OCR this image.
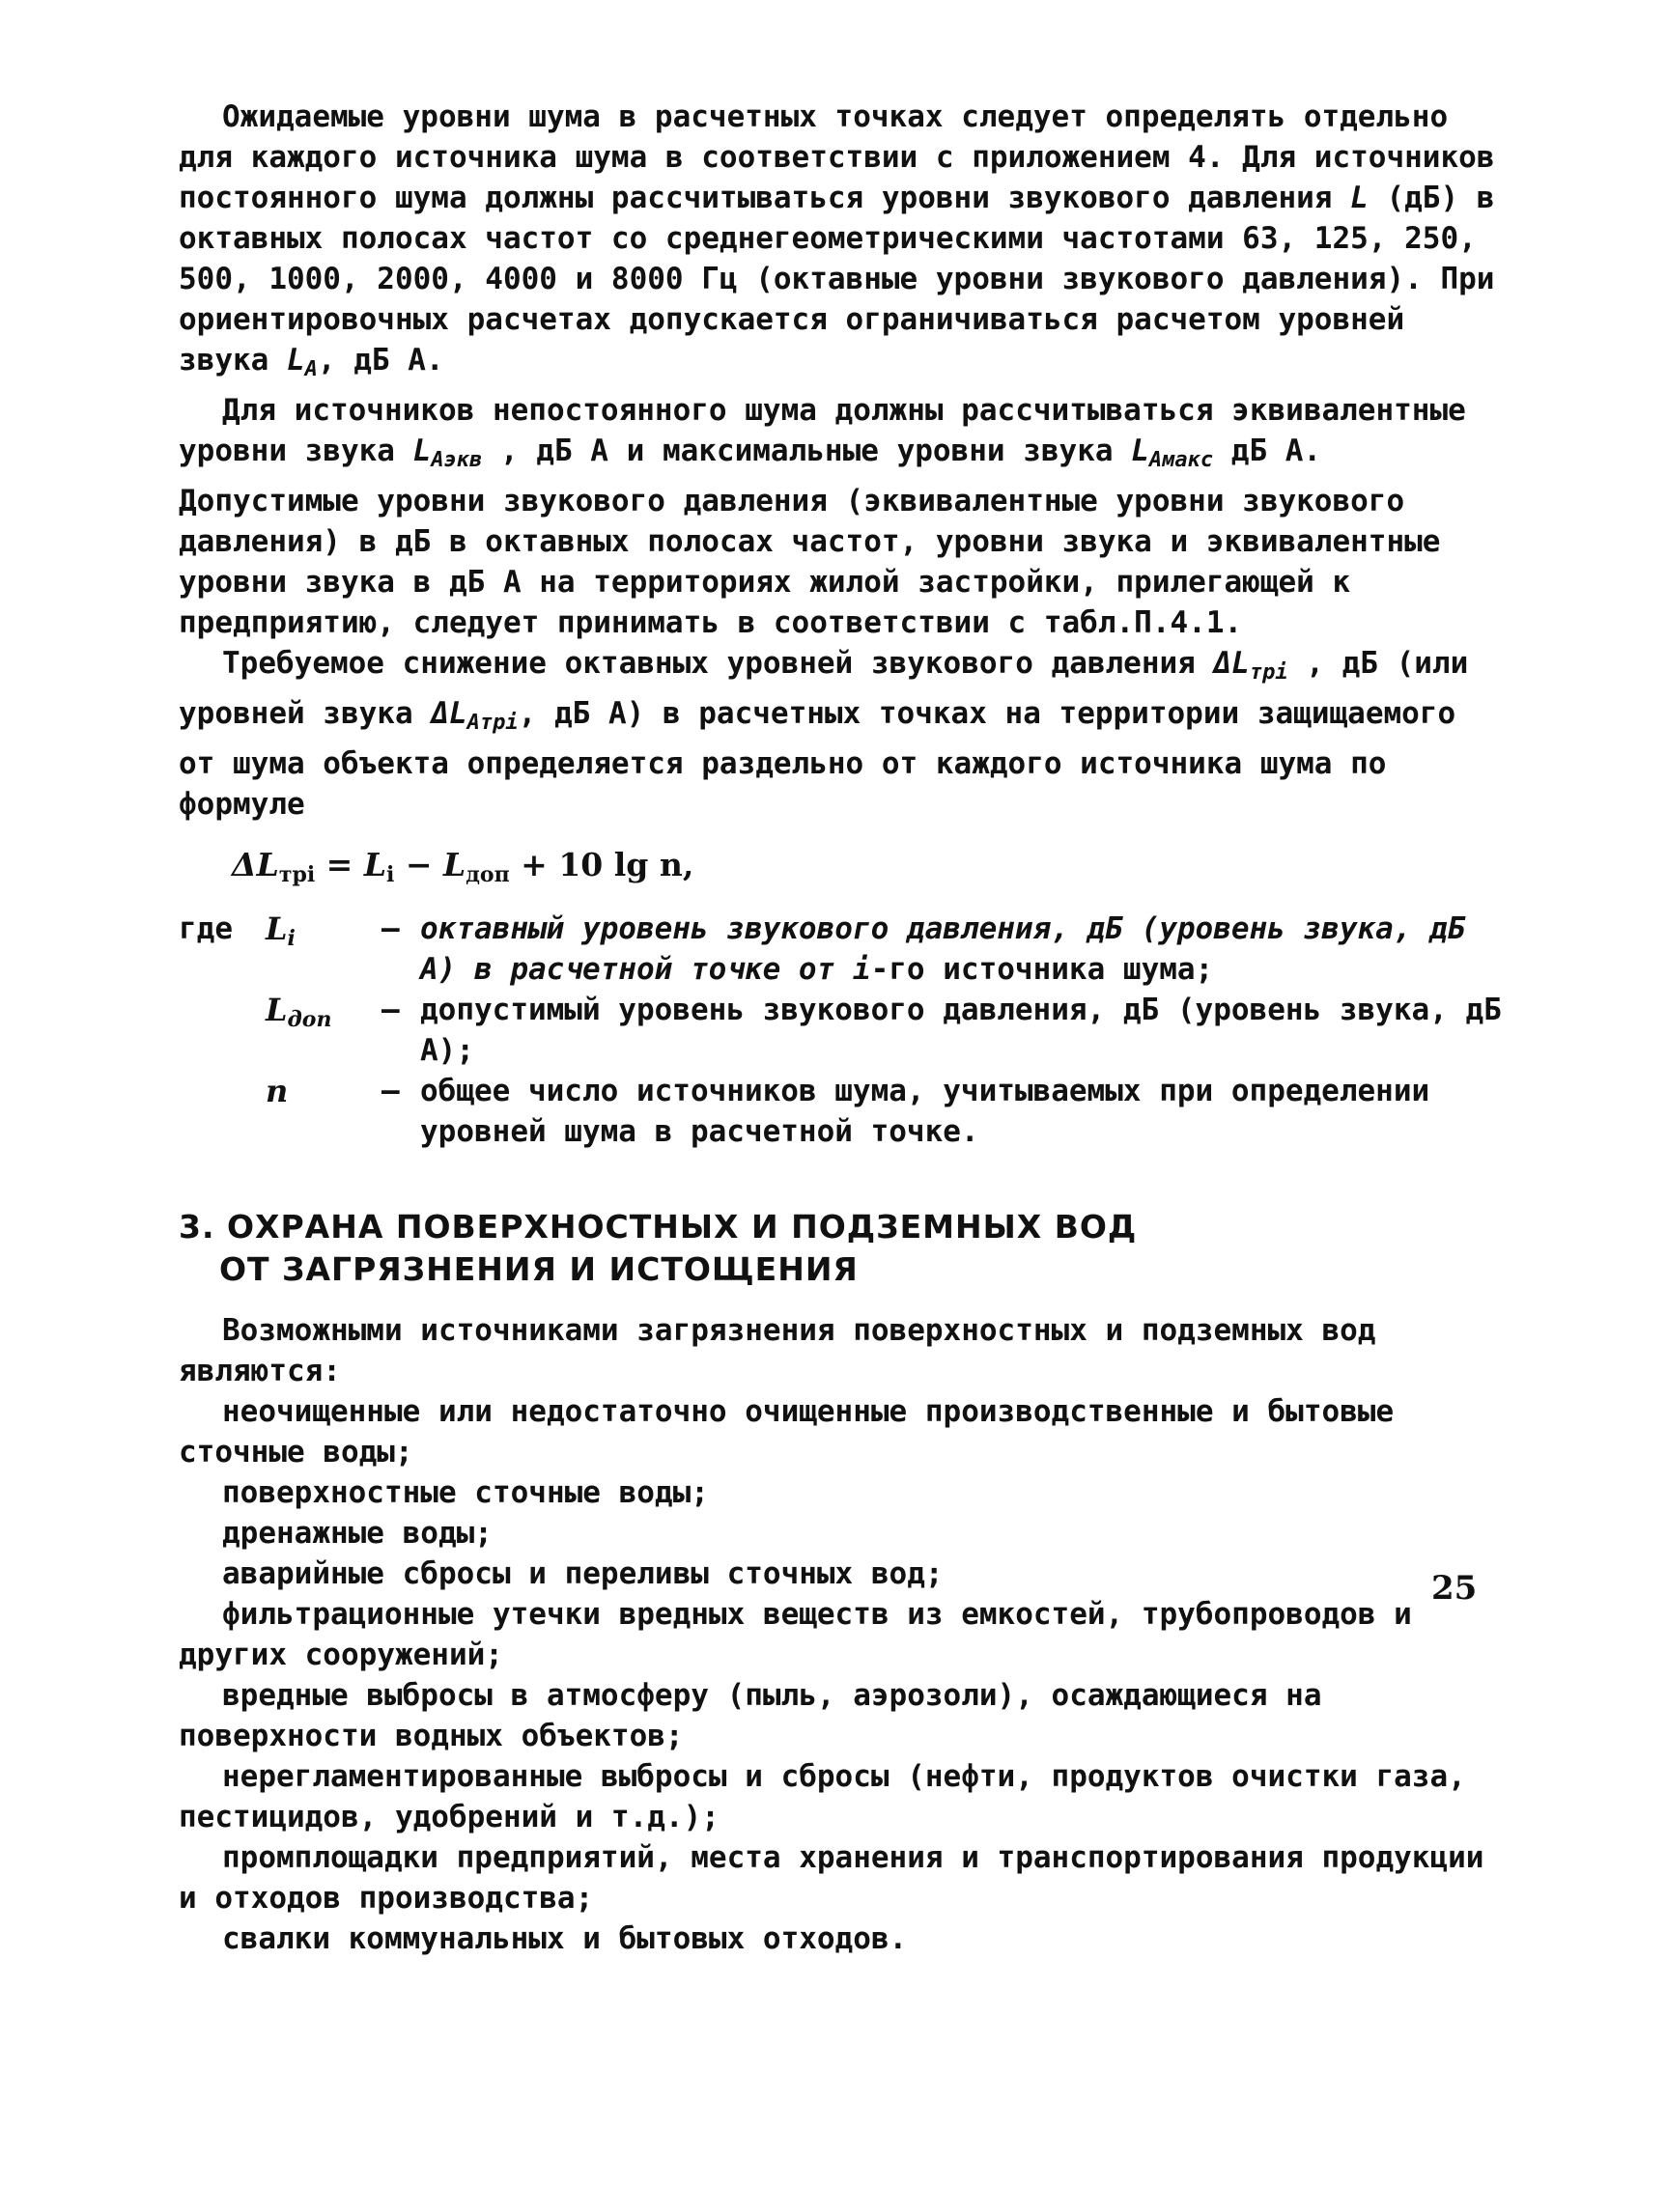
Ожидаемые уровни шума в расчетных точках следует определять отдельно для каждого источника шума в соответствии с приложением 4. Для источников постоянного шума должны рассчитываться уровни звукового давления L (дБ) в октавных полосах частот со среднегеометрическими частотами 63, 125, 250, 500, 1000, 2000, 4000 и 8000 Гц (октавные уровни звукового давления). При ориентировочных расчетах допускается ограничиваться расчетом уровней звука $L_A$, дБ А.

Для источников непостоянного шума должны рассчитываться эквивалентные уровни звука $L_{Аэкв}$ , дБ А и максимальные уровни звука $L_{Амакс}$ дБ А. Допустимые уровни звукового давления (эквивалентные уровни звукового давления) в дБ в октавных полосах частот, уровни звука и эквивалентные уровни звука в дБ А на территориях жилой застройки, прилегающей к предприятию, следует принимать в соответствии с табл.П.4.1.

Требуемое снижение октавных уровней звукового давления $\Delta L_{трi}$ , дБ (или уровней звука $\Delta L_{Атрi}$, дБ А) в расчетных точках на территории защищаемого от шума объекта определяется раздельно от каждого источника шума по формуле

$\Delta L_{трi} = L_i - L_{доп} + 10$ lg n,

где	$L_i$	– октавный уровень звукового давления, дБ (уровень звука, дБ А) в расчетной точке от i-го источника шума;

$L_{доп}$	– допустимый уровень звукового давления, дБ (уровень звука, дБ А);

n	– общее число источников шума, учитываемых при определении уровней шума в расчетной точке.

3. ОХРАНА ПОВЕРХНОСТНЫХ И ПОДЗЕМНЫХ ВОД
ОТ ЗАГРЯЗНЕНИЯ И ИСТОЩЕНИЯ

Возможными источниками загрязнения поверхностных и подземных вод являются:

неочищенные или недостаточно очищенные производственные и бытовые сточные воды;

поверхностные сточные воды;

дренажные воды;

аварийные сбросы и переливы сточных вод;

фильтрационные утечки вредных веществ из емкостей, трубопроводов и других сооружений;

вредные выбросы в атмосферу (пыль, аэрозоли), осаждающиеся на поверхности водных объектов;

нерегламентированные выбросы и сбросы (нефти, продуктов очистки газа, пестицидов, удобрений и т.д.);

промплощадки предприятий, места хранения и транспортирования продукции и отходов производства;

свалки коммунальных и бытовых отходов.

25
